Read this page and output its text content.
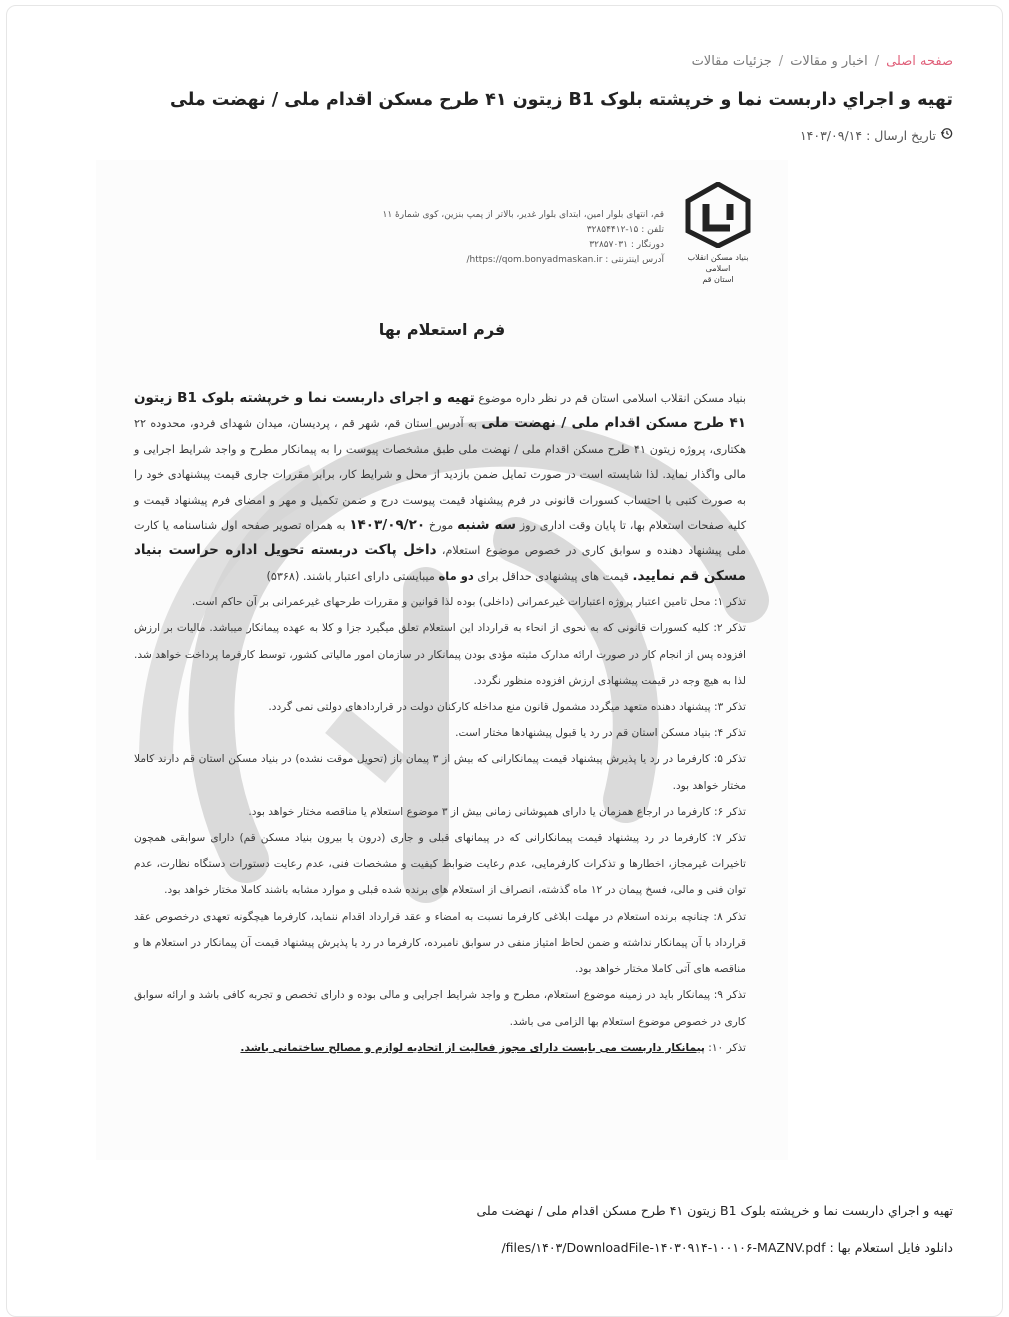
صفحه اصلی/اخبار و مقالات/جزئیات مقالات
تهیه و اجراي داربست نما و خرپشته بلوک B1 زیتون ۴۱ طرح مسکن اقدام ملی / نهضت ملی
تاریخ ارسال :
۱۴۰۳/۰۹/۱۴
قم، انتهای بلوار امین، ابتدای بلوار غدیر، بالاتر از پمپ بنزین، کوی شمارهٔ ۱۱
تلفن : ۱۵-۳۲۸۵۴۴۱۲
دورنگار : ۳۲۸۵۷۰۳۱
آدرس اینترنتی : https://qom.bonyadmaskan.ir/	بنیاد مسکن انقلاب اسلامی
استان قم
فرم استعلام بها

بنیاد مسکن انقلاب اسلامی استان قم در نظر داره موضوع تهیه و اجرای داربست نما و خرپشته بلوک B1 زیتون ۴۱ طرح مسکن اقدام ملی / نهضت ملی به آدرس استان قم، شهر قم ، پردیسان، میدان شهدای فردو، محدوده ۲۲ هکتاری، پروژه زیتون ۴۱ طرح مسکن اقدام ملی / نهضت ملی طبق مشخصات پیوست را به پیمانکار مطرح و واجد شرایط اجرایی و مالی واگذار نماید. لذا شایسته است در صورت تمایل ضمن بازدید از محل و شرایط کار، برابر مقررات جاری قیمت پیشنهادی خود را به صورت کتبی با احتساب کسورات قانونی در فرم پیشنهاد قیمت پیوست درج و ضمن تکمیل و مهر و امضای فرم پیشنهاد قیمت و کلیه صفحات استعلام بها، تا پایان وقت اداری روز سه شنبه مورخ ۱۴۰۳/۰۹/۲۰ به همراه تصویر صفحه اول شناسنامه یا کارت ملی پیشنهاد دهنده و سوابق کاری در خصوص موضوع استعلام، داخل پاکت دربسته تحویل اداره حراست بنیاد مسکن قم نمایید. قیمت های پیشنهادی حداقل برای دو ماه میبایستی دارای اعتبار باشند. (۵۳۶۸)

تذکر ۱: محل تامین اعتبار پروژه اعتبارات غیرعمرانی (داخلی) بوده لذا قوانین و مقررات طرحهای غیرعمرانی بر آن حاکم است.

تذکر ۲: کلیه کسورات قانونی که به نحوی از انحاء به قرارداد این استعلام تعلق میگیرد جزا و کلا به عهده پیمانکار میباشد. مالیات بر ارزش افزوده پس از انجام کار در صورت ارائه مدارک مثبته مؤدی بودن پیمانکار در سازمان امور مالیاتی کشور، توسط کارفرما پرداخت خواهد شد. لذا به هیچ وجه در قیمت پیشنهادی ارزش افزوده منظور نگردد.

تذکر ۳: پیشنهاد دهنده متعهد میگردد مشمول قانون منع مداخله کارکنان دولت در قراردادهای دولتی نمی گردد.

تذکر ۴: بنیاد مسکن استان قم در رد یا قبول پیشنهادها مختار است.

تذکر ۵: کارفرما در رد یا پذیرش پیشنهاد قیمت پیمانکارانی که بیش از ۳ پیمان باز (تحویل موقت نشده) در بنیاد مسکن استان قم دارند کاملا مختار خواهد بود.

تذکر ۶: کارفرما در ارجاع همزمان یا دارای همپوشانی زمانی بیش از ۳ موضوع استعلام یا مناقصه مختار خواهد بود.

تذکر ۷: کارفرما در رد پیشنهاد قیمت پیمانکارانی که در پیمانهای قبلی و جاری (درون یا بیرون بنیاد مسکن قم) دارای سوابقی همچون تاخیرات غیرمجاز، اخطارها و تذکرات کارفرمایی، عدم رعایت ضوابط کیفیت و مشخصات فنی، عدم رعایت دستورات دستگاه نظارت، عدم توان فنی و مالی، فسخ پیمان در ۱۲ ماه گذشته، انصراف از استعلام های برنده شده قبلی و موارد مشابه باشند کاملا مختار خواهد بود.

تذکر ۸: چنانچه برنده استعلام در مهلت ابلاغی کارفرما نسبت به امضاء و عقد قرارداد اقدام ننماید، کارفرما هیچگونه تعهدی درخصوص عقد قرارداد با آن پیمانکار نداشته و ضمن لحاظ امتیاز منفی در سوابق نامبرده، کارفرما در رد یا پذیرش پیشنهاد قیمت آن پیمانکار در استعلام ها و مناقصه های آتی کاملا مختار خواهد بود.

تذکر ۹: پیمانکار باید در زمینه موضوع استعلام، مطرح و واجد شرایط اجرایی و مالی بوده و دارای تخصص و تجربه کافی باشد و ارائه سوابق کاری در خصوص موضوع استعلام بها الزامی می باشد.

تذکر ۱۰: پیمانکار داربست می بایست دارای مجوز فعالیت از اتحادیه لوازم و مصالح ساختمانی باشد.

تهیه و اجراي داربست نما و خرپشته بلوک B1 زیتون ۴۱ طرح مسکن اقدام ملی / نهضت ملی
دانلود فایل استعلام بها : /files/۱۴۰۳/DownloadFile-۱۴۰۳۰۹۱۴-۱۰۰۱۰۶-MAZNV.pdf
